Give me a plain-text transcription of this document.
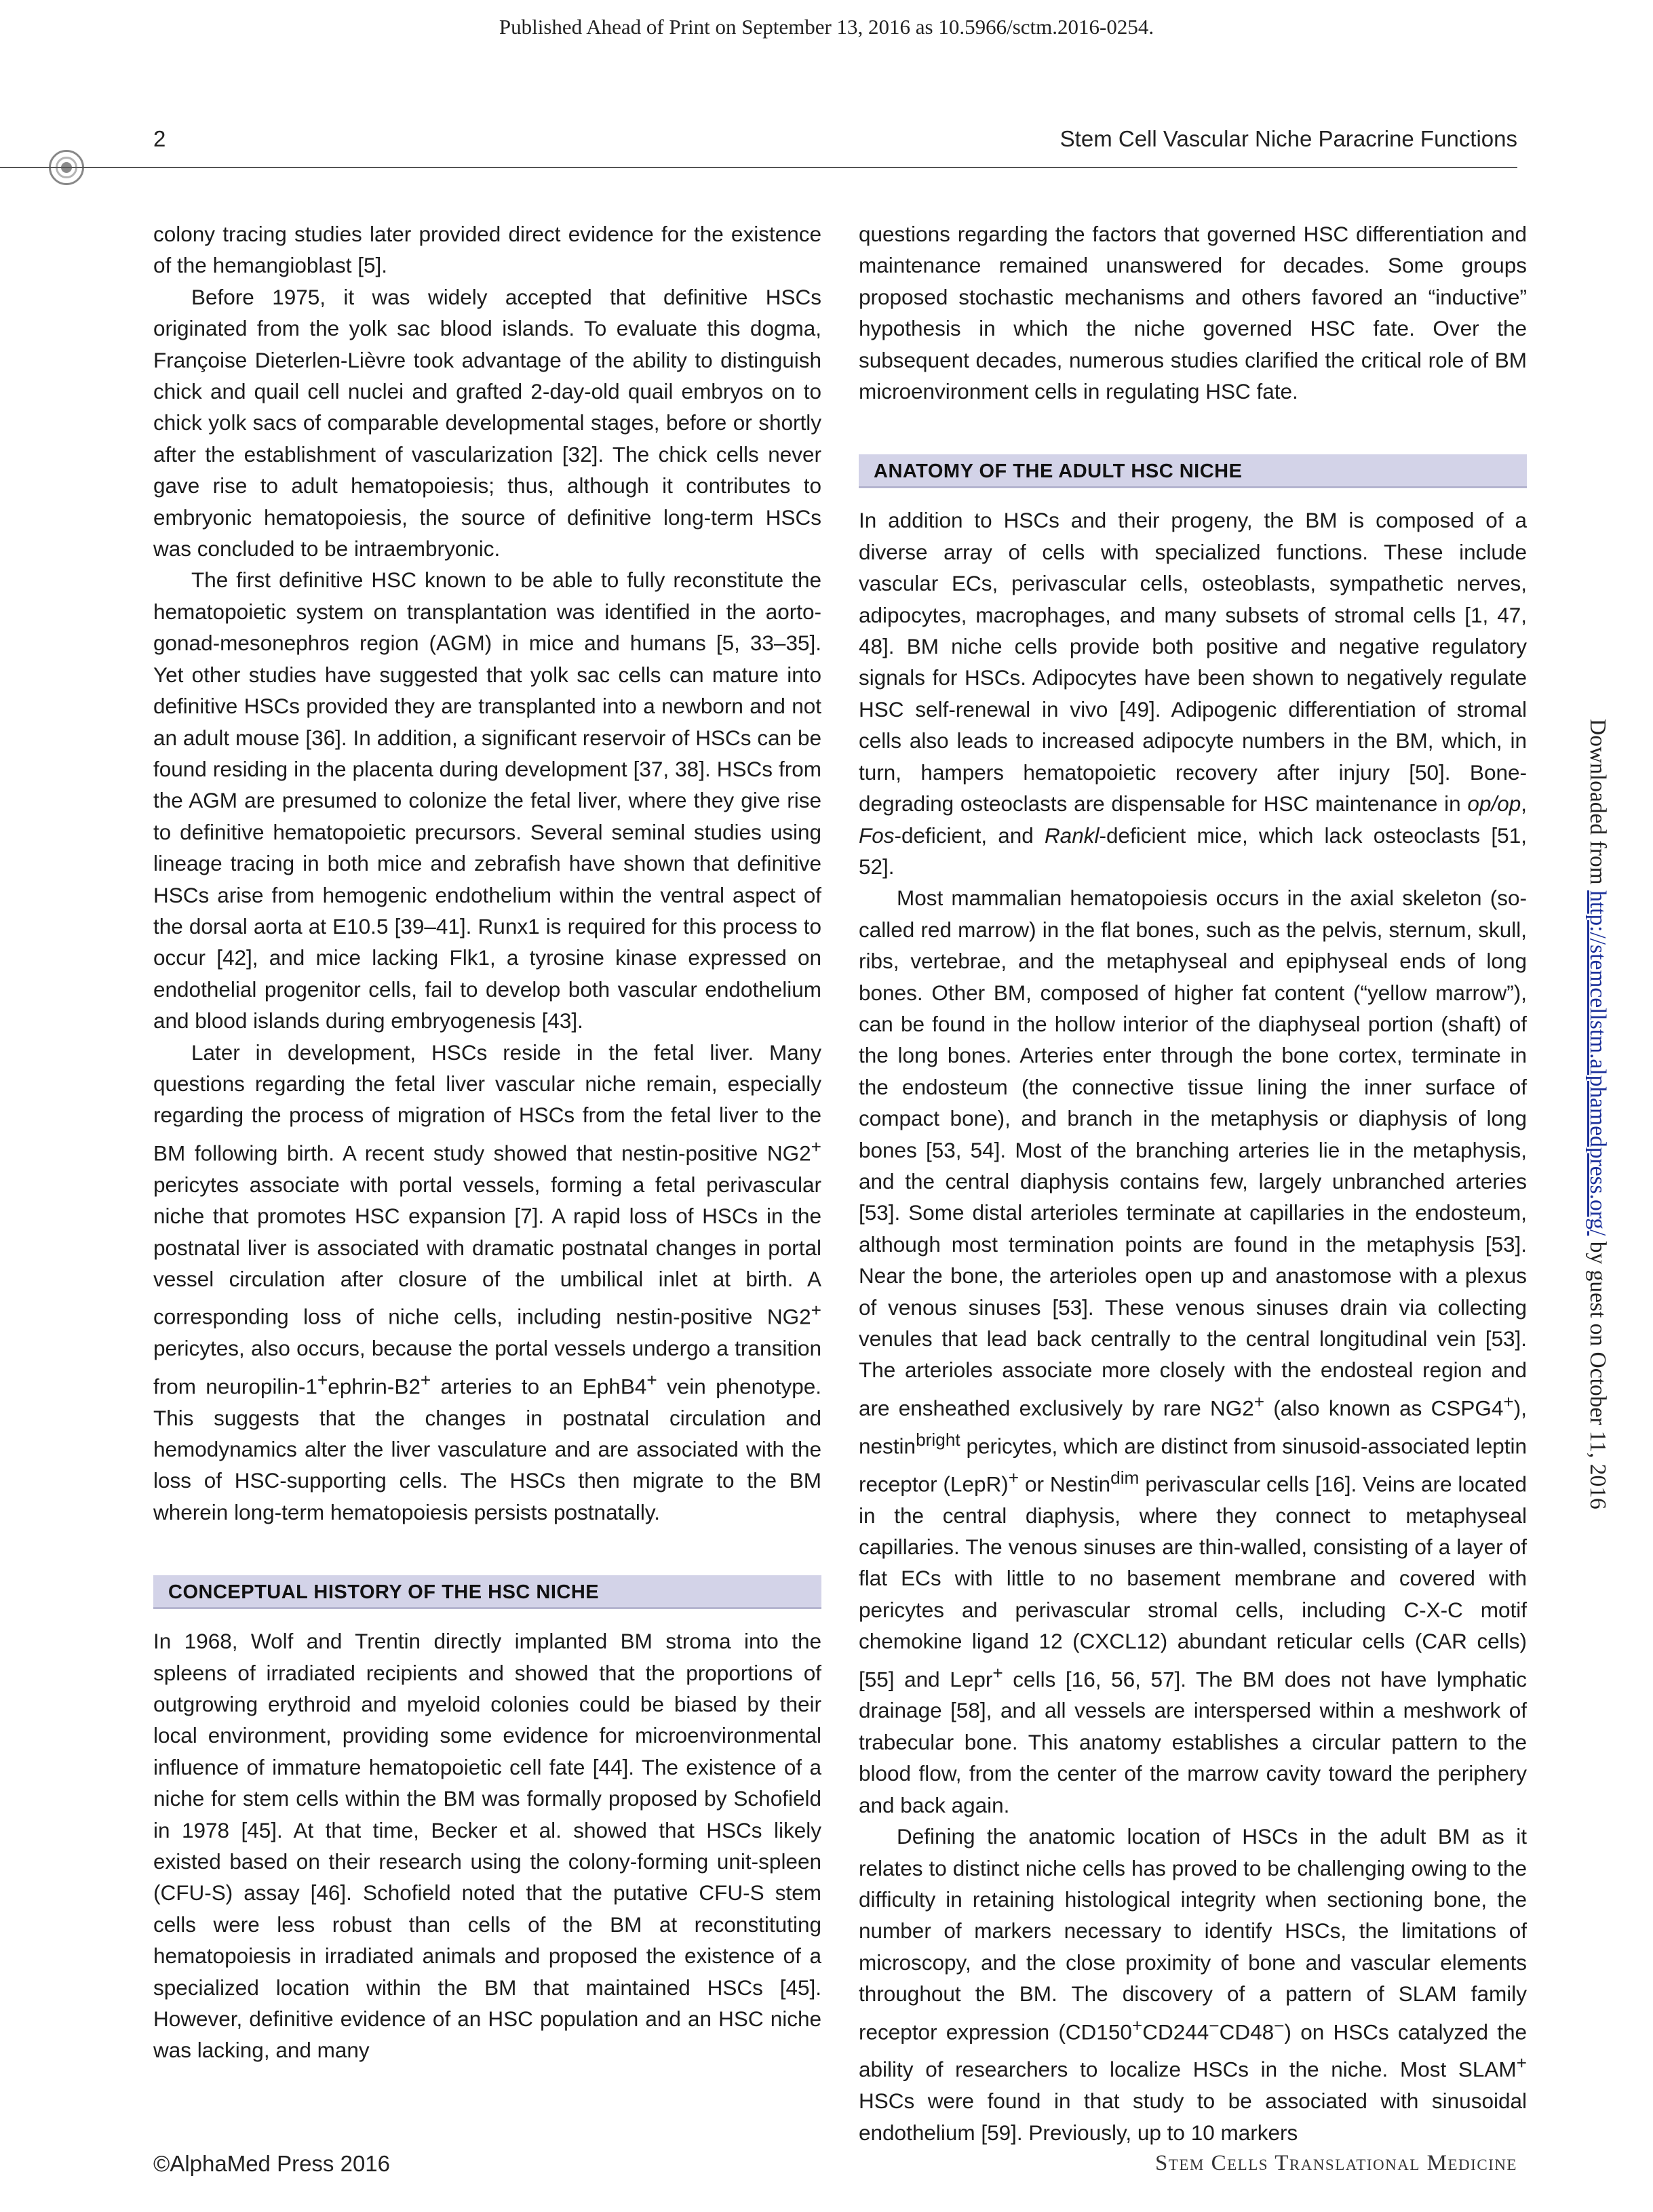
Published Ahead of Print on September 13, 2016 as 10.5966/sctm.2016-0254.
2	Stem Cell Vascular Niche Paracrine Functions

colony tracing studies later provided direct evidence for the existence of the hemangioblast [5].

Before 1975, it was widely accepted that definitive HSCs originated from the yolk sac blood islands. To evaluate this dogma, Françoise Dieterlen-Lièvre took advantage of the ability to distinguish chick and quail cell nuclei and grafted 2-day-old quail embryos on to chick yolk sacs of comparable developmental stages, before or shortly after the establishment of vascularization [32]. The chick cells never gave rise to adult hematopoiesis; thus, although it contributes to embryonic hematopoiesis, the source of definitive long-term HSCs was concluded to be intraembryonic.

The first definitive HSC known to be able to fully reconstitute the hematopoietic system on transplantation was identified in the aorto-gonad-mesonephros region (AGM) in mice and humans [5, 33–35]. Yet other studies have suggested that yolk sac cells can mature into definitive HSCs provided they are transplanted into a newborn and not an adult mouse [36]. In addition, a significant reservoir of HSCs can be found residing in the placenta during development [37, 38]. HSCs from the AGM are presumed to colonize the fetal liver, where they give rise to definitive hematopoietic precursors. Several seminal studies using lineage tracing in both mice and zebrafish have shown that definitive HSCs arise from hemogenic endothelium within the ventral aspect of the dorsal aorta at E10.5 [39–41]. Runx1 is required for this process to occur [42], and mice lacking Flk1, a tyrosine kinase expressed on endothelial progenitor cells, fail to develop both vascular endothelium and blood islands during embryogenesis [43].

Later in development, HSCs reside in the fetal liver. Many questions regarding the fetal liver vascular niche remain, especially regarding the process of migration of HSCs from the fetal liver to the BM following birth. A recent study showed that nestin-positive NG2+ pericytes associate with portal vessels, forming a fetal perivascular niche that promotes HSC expansion [7]. A rapid loss of HSCs in the postnatal liver is associated with dramatic postnatal changes in portal vessel circulation after closure of the umbilical inlet at birth. A corresponding loss of niche cells, including nestin-positive NG2+ pericytes, also occurs, because the portal vessels undergo a transition from neuropilin-1+ephrin-B2+ arteries to an EphB4+ vein phenotype. This suggests that the changes in postnatal circulation and hemodynamics alter the liver vasculature and are associated with the loss of HSC-supporting cells. The HSCs then migrate to the BM wherein long-term hematopoiesis persists postnatally.

CONCEPTUAL HISTORY OF THE HSC NICHE

In 1968, Wolf and Trentin directly implanted BM stroma into the spleens of irradiated recipients and showed that the proportions of outgrowing erythroid and myeloid colonies could be biased by their local environment, providing some evidence for microenvironmental influence of immature hematopoietic cell fate [44]. The existence of a niche for stem cells within the BM was formally proposed by Schofield in 1978 [45]. At that time, Becker et al. showed that HSCs likely existed based on their research using the colony-forming unit-spleen (CFU-S) assay [46]. Schofield noted that the putative CFU-S stem cells were less robust than cells of the BM at reconstituting hematopoiesis in irradiated animals and proposed the existence of a specialized location within the BM that maintained HSCs [45]. However, definitive evidence of an HSC population and an HSC niche was lacking, and many

questions regarding the factors that governed HSC differentiation and maintenance remained unanswered for decades. Some groups proposed stochastic mechanisms and others favored an “inductive” hypothesis in which the niche governed HSC fate. Over the subsequent decades, numerous studies clarified the critical role of BM microenvironment cells in regulating HSC fate.

ANATOMY OF THE ADULT HSC NICHE

In addition to HSCs and their progeny, the BM is composed of a diverse array of cells with specialized functions. These include vascular ECs, perivascular cells, osteoblasts, sympathetic nerves, adipocytes, macrophages, and many subsets of stromal cells [1, 47, 48]. BM niche cells provide both positive and negative regulatory signals for HSCs. Adipocytes have been shown to negatively regulate HSC self-renewal in vivo [49]. Adipogenic differentiation of stromal cells also leads to increased adipocyte numbers in the BM, which, in turn, hampers hematopoietic recovery after injury [50]. Bone-degrading osteoclasts are dispensable for HSC maintenance in op/op, Fos-deficient, and Rankl-deficient mice, which lack osteoclasts [51, 52].

Most mammalian hematopoiesis occurs in the axial skeleton (so-called red marrow) in the flat bones, such as the pelvis, sternum, skull, ribs, vertebrae, and the metaphyseal and epiphyseal ends of long bones. Other BM, composed of higher fat content (“yellow marrow”), can be found in the hollow interior of the diaphyseal portion (shaft) of the long bones. Arteries enter through the bone cortex, terminate in the endosteum (the connective tissue lining the inner surface of compact bone), and branch in the metaphysis or diaphysis of long bones [53, 54]. Most of the branching arteries lie in the metaphysis, and the central diaphysis contains few, largely unbranched arteries [53]. Some distal arterioles terminate at capillaries in the endosteum, although most termination points are found in the metaphysis [53]. Near the bone, the arterioles open up and anastomose with a plexus of venous sinuses [53]. These venous sinuses drain via collecting venules that lead back centrally to the central longitudinal vein [53]. The arterioles associate more closely with the endosteal region and are ensheathed exclusively by rare NG2+ (also known as CSPG4+), nestin$^{bright}$ pericytes, which are distinct from sinusoid-associated leptin receptor (LepR)+ or Nestin$^{dim}$ perivascular cells [16]. Veins are located in the central diaphysis, where they connect to metaphyseal capillaries. The venous sinuses are thin-walled, consisting of a layer of flat ECs with little to no basement membrane and covered with pericytes and perivascular stromal cells, including C-X-C motif chemokine ligand 12 (CXCL12) abundant reticular cells (CAR cells) [55] and Lepr+ cells [16, 56, 57]. The BM does not have lymphatic drainage [58], and all vessels are interspersed within a meshwork of trabecular bone. This anatomy establishes a circular pattern to the blood flow, from the center of the marrow cavity toward the periphery and back again.

Defining the anatomic location of HSCs in the adult BM as it relates to distinct niche cells has proved to be challenging owing to the difficulty in retaining histological integrity when sectioning bone, the number of markers necessary to identify HSCs, the limitations of microscopy, and the close proximity of bone and vascular elements throughout the BM. The discovery of a pattern of SLAM family receptor expression (CD150+CD244−CD48−) on HSCs catalyzed the ability of researchers to localize HSCs in the niche. Most SLAM+ HSCs were found in that study to be associated with sinusoidal endothelium [59]. Previously, up to 10 markers

Downloaded from http://stemcellstm.alphamedpress.org/ by guest on October 11, 2016
©AlphaMed Press 2016	Stem Cells Translational Medicine
